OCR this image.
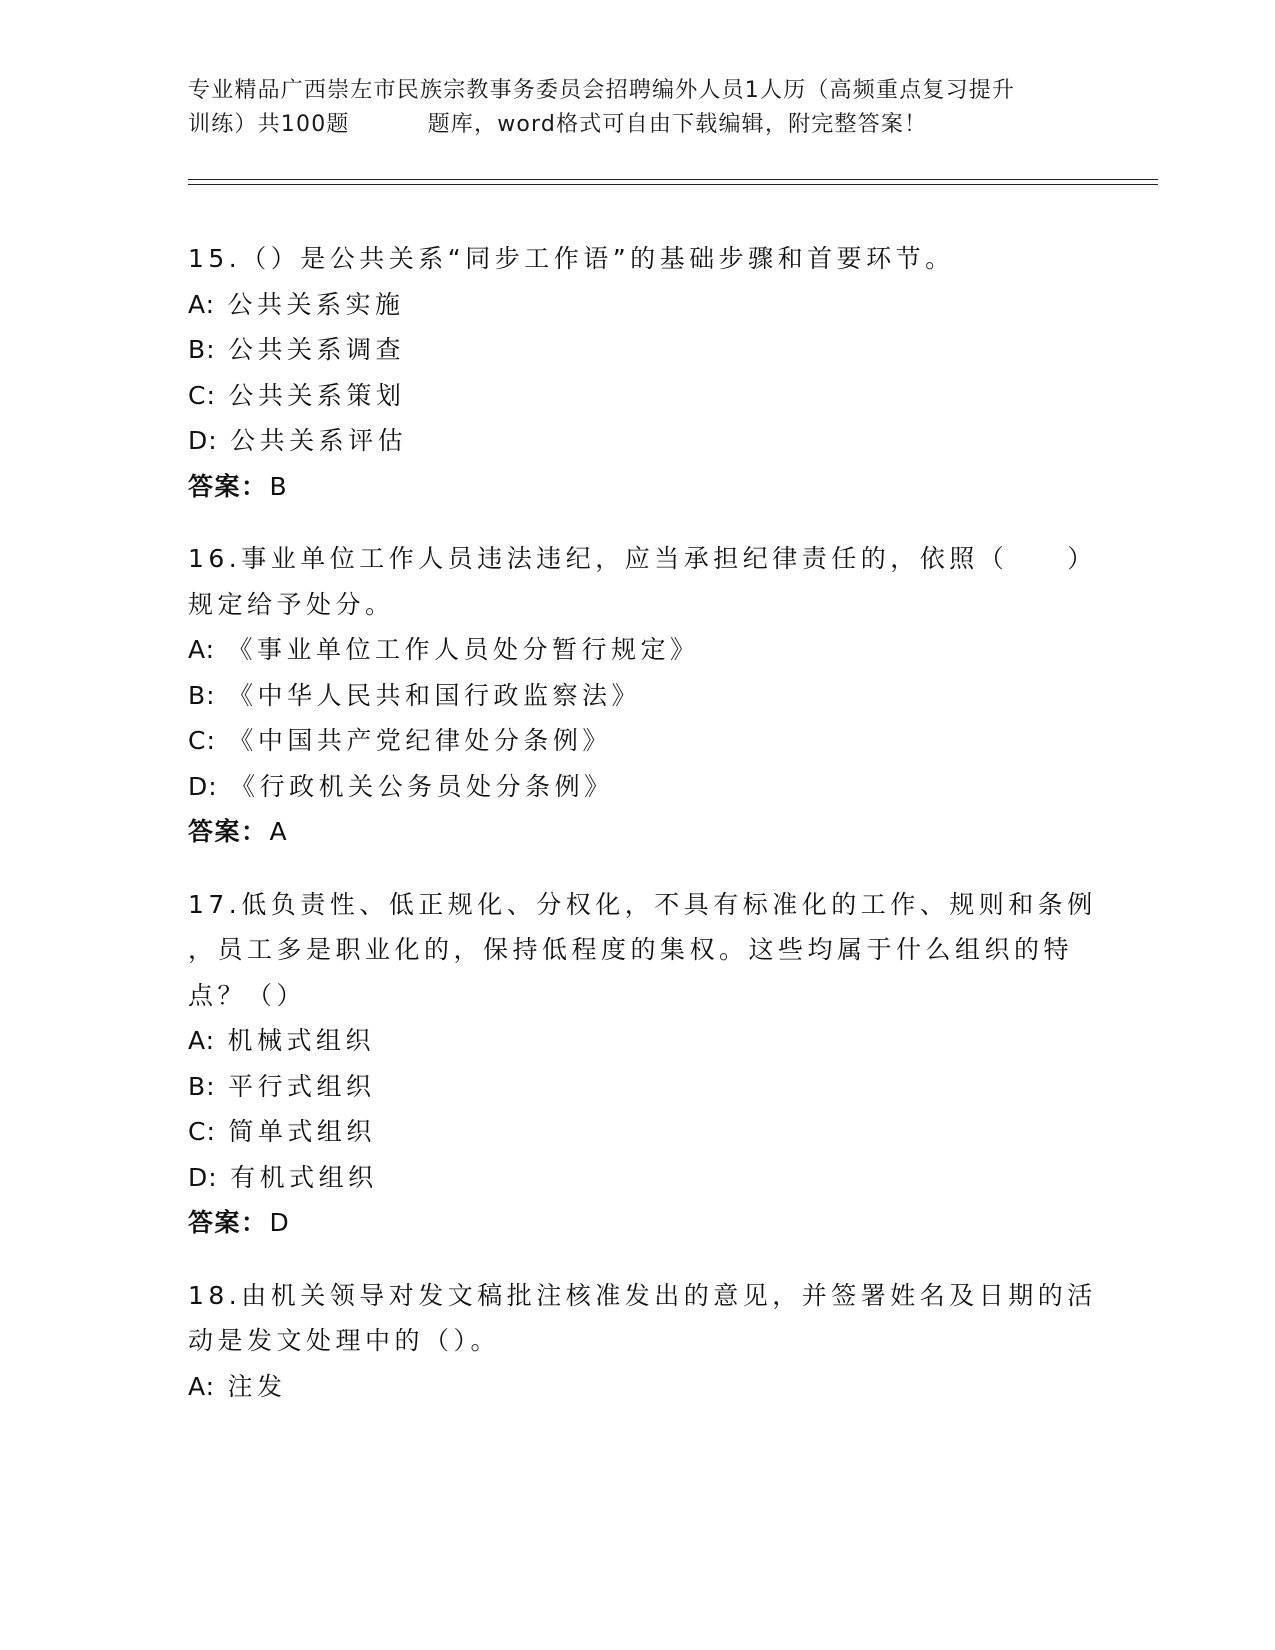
专业精品广西崇左市民族宗教事务委员会招聘编外人员1人历（高频重点复习提升
训练）共100题	题库，word格式可自由下载编辑，附完整答案！
15.（）是公共关系“同步工作语”的基础步骤和首要环节。
A: 公共关系实施
B: 公共关系调查
C: 公共关系策划
D: 公共关系评估
答案：B
16.事业单位工作人员违法违纪，应当承担纪律责任的，依照（　　）
规定给予处分。
A: 《事业单位工作人员处分暂行规定》
B: 《中华人民共和国行政监察法》
C: 《中国共产党纪律处分条例》
D: 《行政机关公务员处分条例》
答案：A
17.低负责性、低正规化、分权化，不具有标准化的工作、规则和条例
，员工多是职业化的，保持低程度的集权。这些均属于什么组织的特
点？（）
A: 机械式组织
B: 平行式组织
C: 简单式组织
D: 有机式组织
答案：D
18.由机关领导对发文稿批注核准发出的意见，并签署姓名及日期的活
动是发文处理中的（）。
A: 注发
